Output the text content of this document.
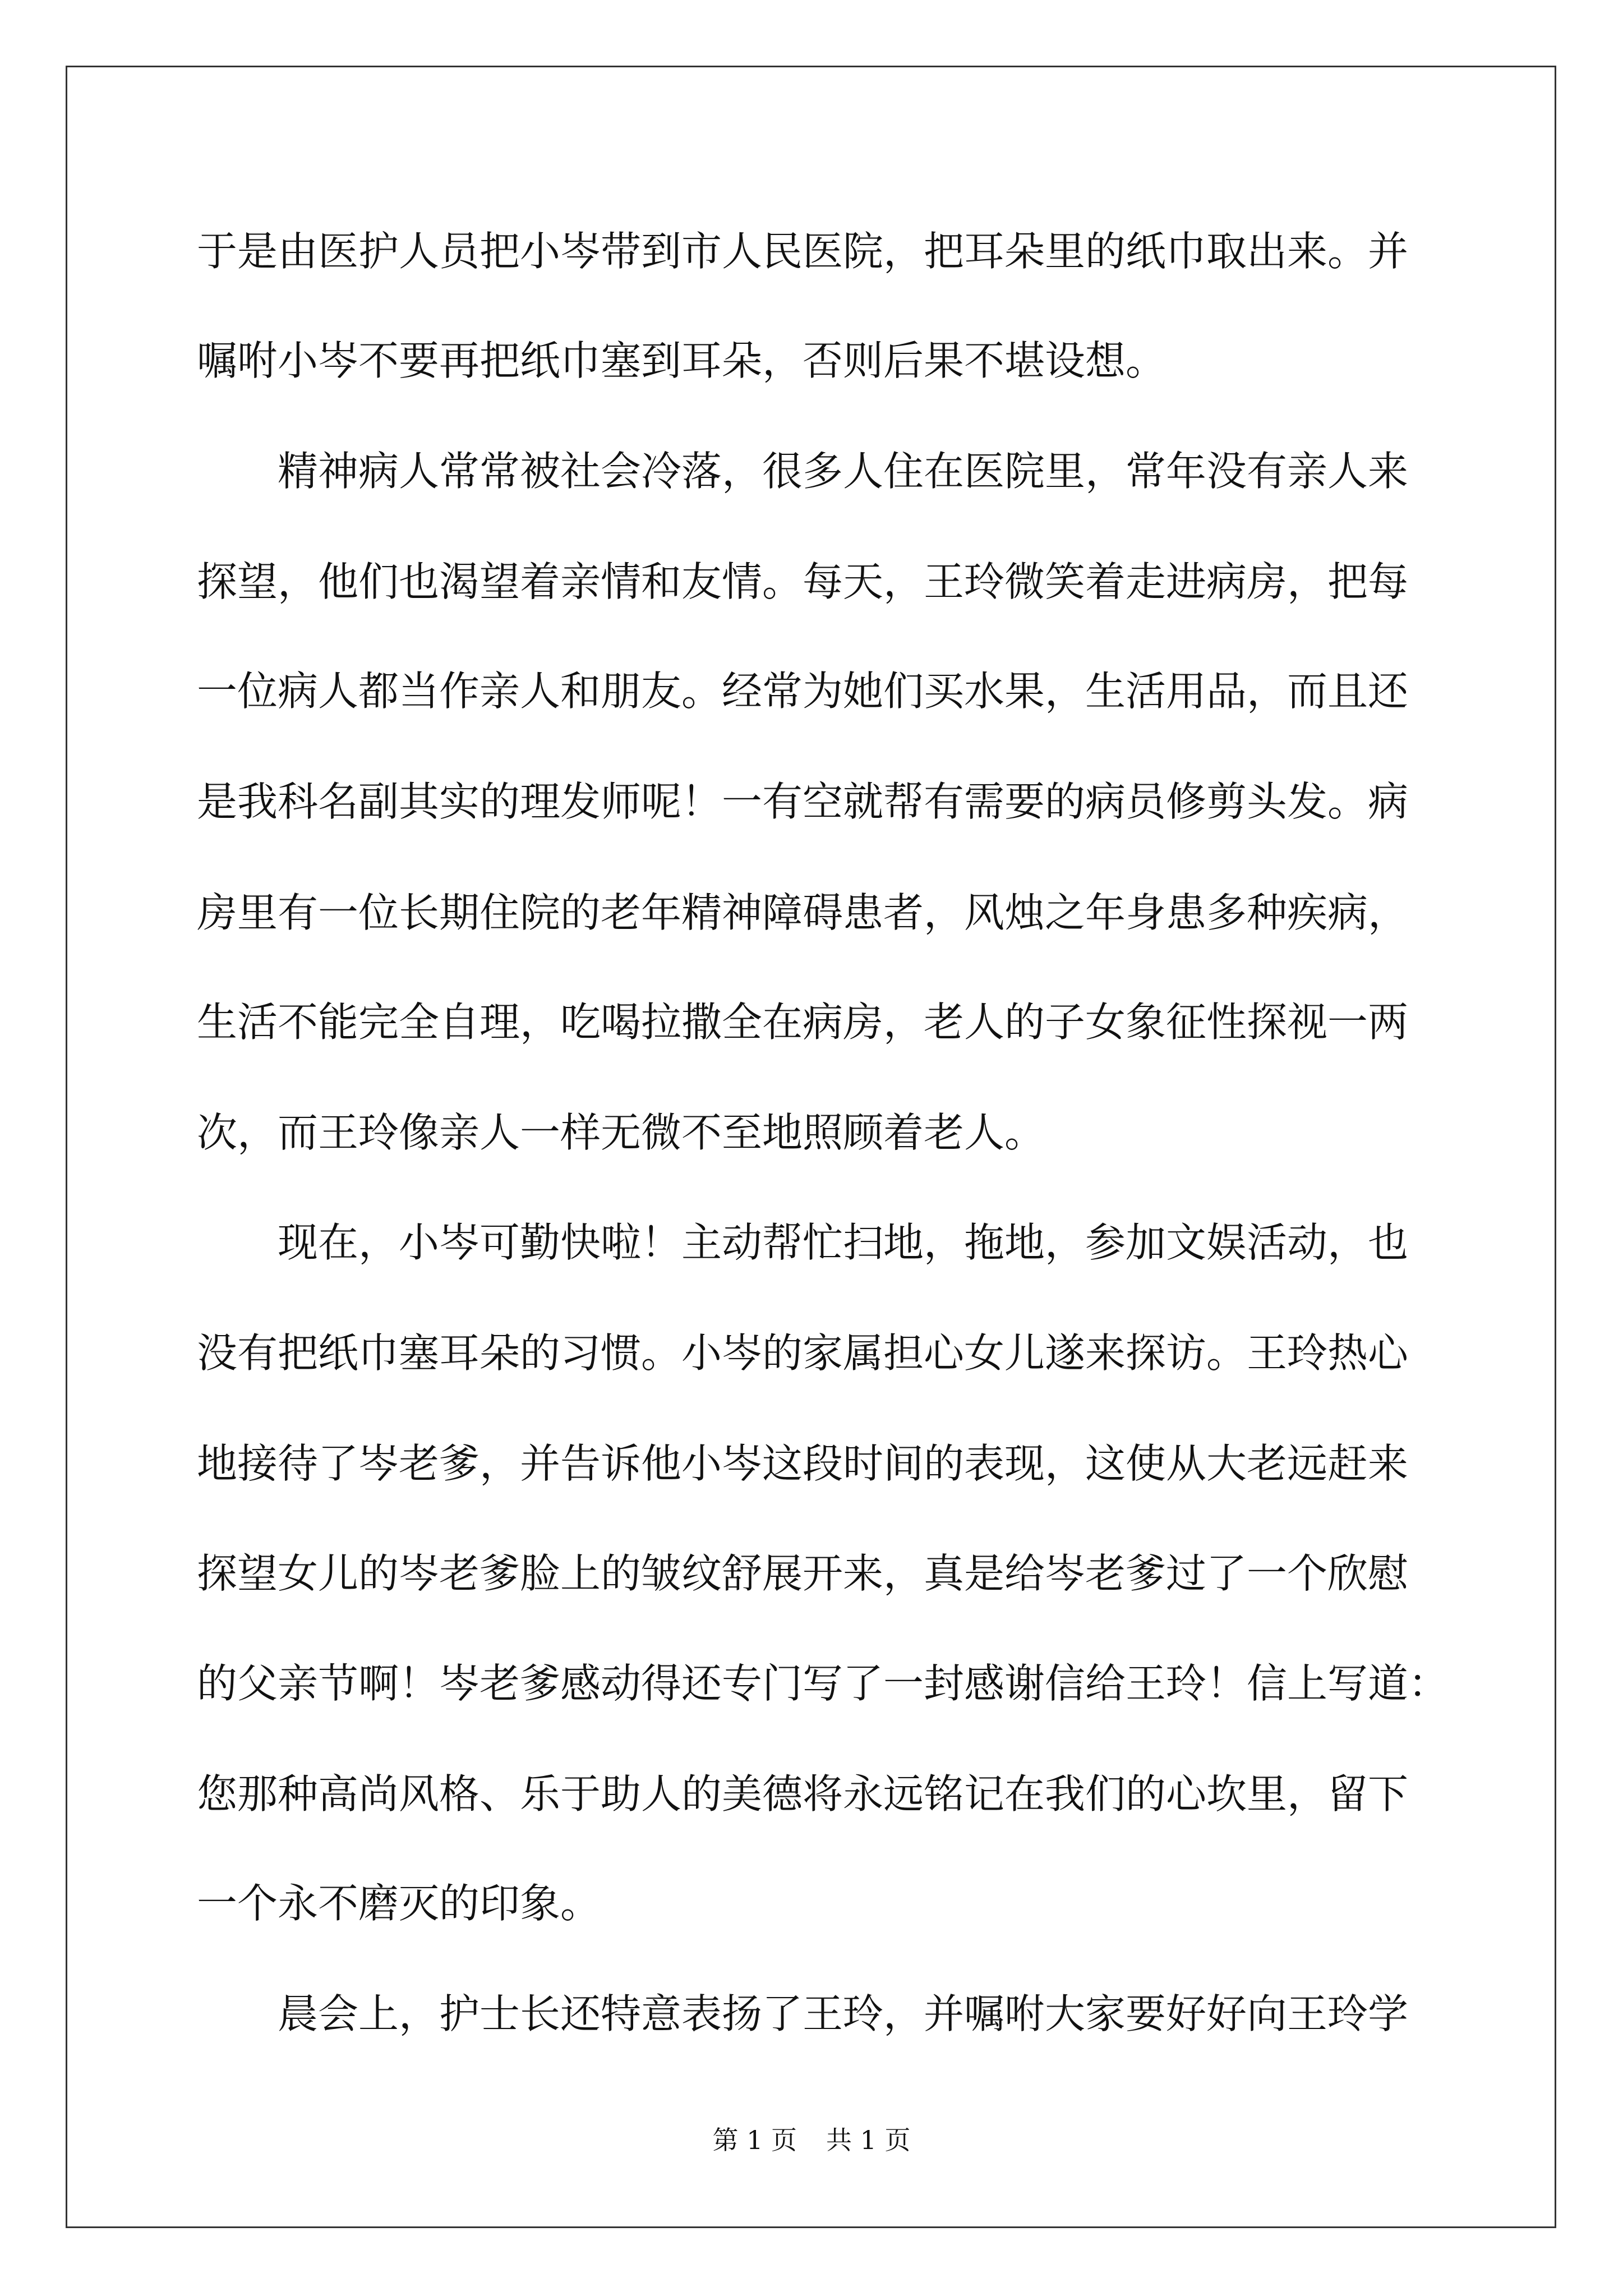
于是由医护人员把小岑带到市人民医院，把耳朵里的纸巾取出来。并
嘱咐小岑不要再把纸巾塞到耳朵，否则后果不堪设想。
　　精神病人常常被社会冷落，很多人住在医院里，常年没有亲人来
探望，他们也渴望着亲情和友情。每天，王玲微笑着走进病房，把每
一位病人都当作亲人和朋友。经常为她们买水果，生活用品，而且还
是我科名副其实的理发师呢！一有空就帮有需要的病员修剪头发。病
房里有一位长期住院的老年精神障碍患者，风烛之年身患多种疾病，
生活不能完全自理，吃喝拉撒全在病房，老人的子女象征性探视一两
次，而王玲像亲人一样无微不至地照顾着老人。
　　现在，小岑可勤快啦！主动帮忙扫地，拖地，参加文娱活动，也
没有把纸巾塞耳朵的习惯。小岑的家属担心女儿遂来探访。王玲热心
地接待了岑老爹，并告诉他小岑这段时间的表现，这使从大老远赶来
探望女儿的岑老爹脸上的皱纹舒展开来，真是给岑老爹过了一个欣慰
的父亲节啊！岑老爹感动得还专门写了一封感谢信给王玲！信上写道：
您那种高尚风格、乐于助人的美德将永远铭记在我们的心坎里，留下
一个永不磨灭的印象。
　　晨会上，护士长还特意表扬了王玲，并嘱咐大家要好好向王玲学
第 1 页 共 1 页
